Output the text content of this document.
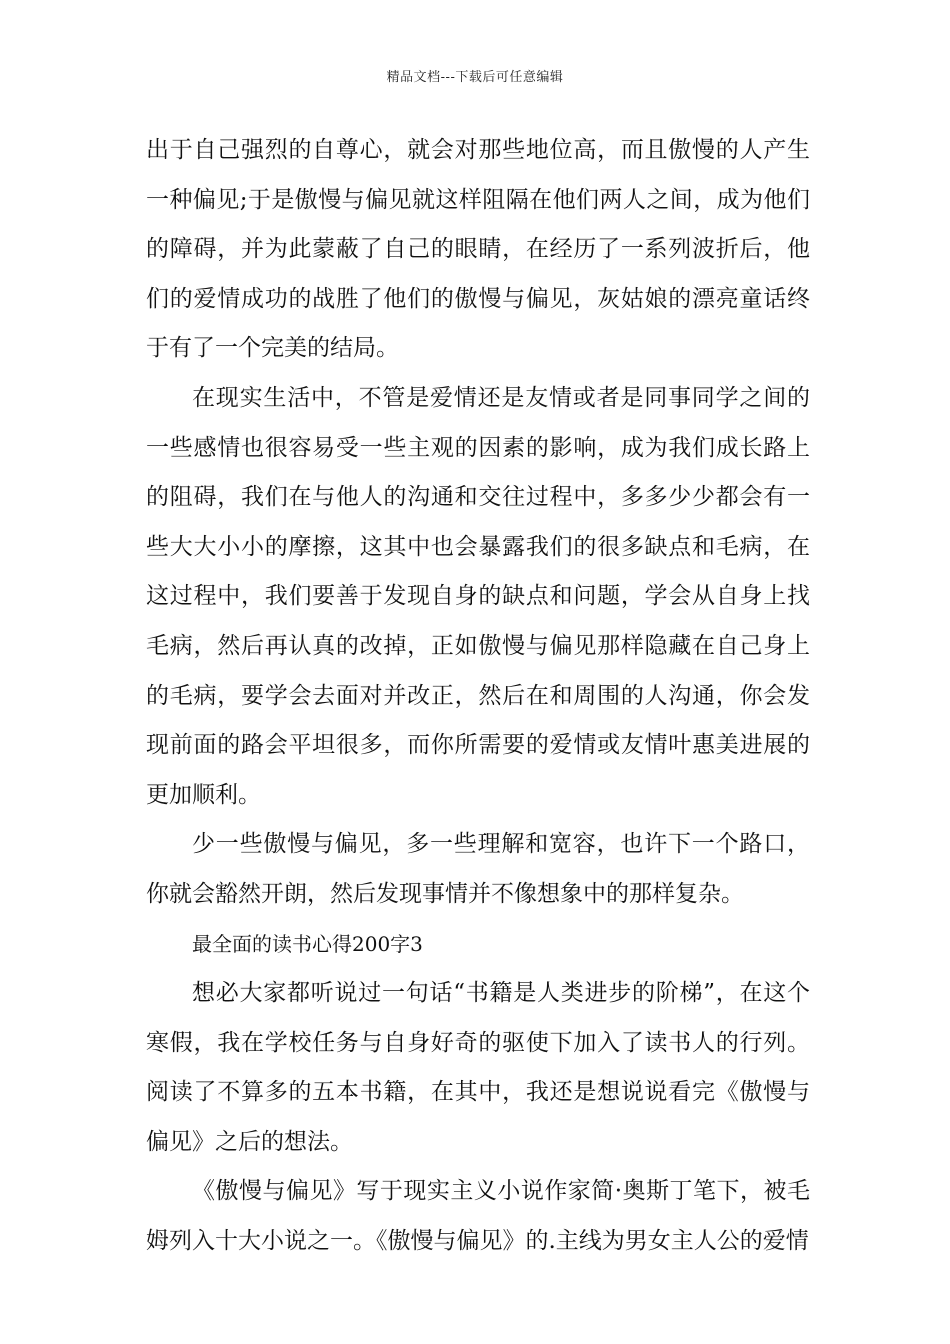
精品文档---下载后可任意编辑

出于自己强烈的自尊心，就会对那些地位高，而且傲慢的人产生一种偏见;于是傲慢与偏见就这样阻隔在他们两人之间，成为他们的障碍，并为此蒙蔽了自己的眼睛，在经历了一系列波折后，他们的爱情成功的战胜了他们的傲慢与偏见，灰姑娘的漂亮童话终于有了一个完美的结局。

在现实生活中，不管是爱情还是友情或者是同事同学之间的一些感情也很容易受一些主观的因素的影响，成为我们成长路上的阻碍，我们在与他人的沟通和交往过程中，多多少少都会有一些大大小小的摩擦，这其中也会暴露我们的很多缺点和毛病，在这过程中，我们要善于发现自身的缺点和问题，学会从自身上找毛病，然后再认真的改掉，正如傲慢与偏见那样隐藏在自己身上的毛病，要学会去面对并改正，然后在和周围的人沟通，你会发现前面的路会平坦很多，而你所需要的爱情或友情叶惠美进展的更加顺利。

少一些傲慢与偏见，多一些理解和宽容，也许下一个路口，你就会豁然开朗，然后发现事情并不像想象中的那样复杂。

最全面的读书心得200字3

想必大家都听说过一句话“书籍是人类进步的阶梯”，在这个寒假，我在学校任务与自身好奇的驱使下加入了读书人的行列。阅读了不算多的五本书籍，在其中，我还是想说说看完《傲慢与偏见》之后的想法。

《傲慢与偏见》写于现实主义小说作家简·奥斯丁笔下，被毛姆列入十大小说之一。《傲慢与偏见》的.主线为男女主人公的爱情
